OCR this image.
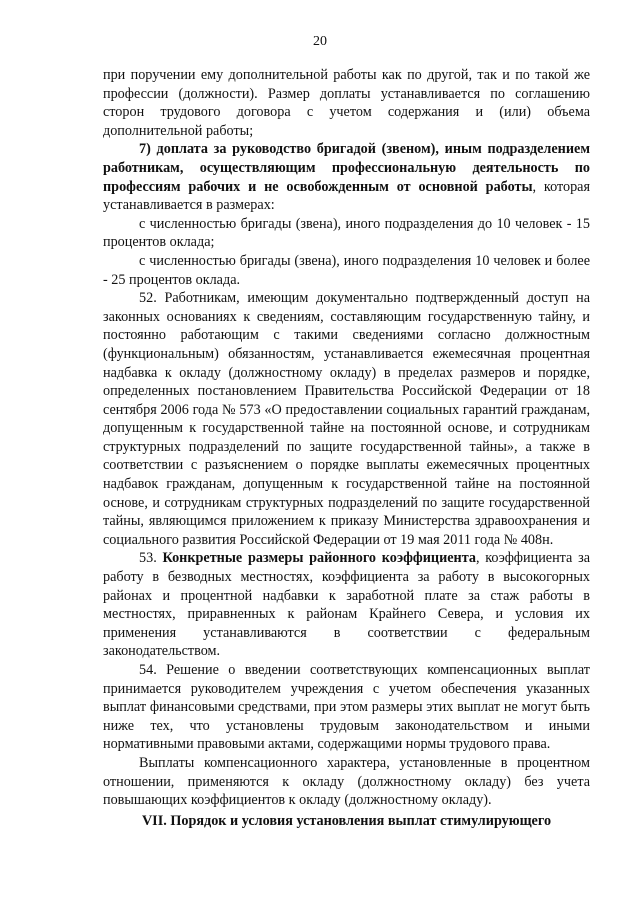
20

при поручении ему дополнительной работы как по другой, так и по такой же профессии (должности). Размер доплаты устанавливается по соглашению сторон трудового договора с учетом содержания и (или) объема дополнительной работы;

7) доплата за руководство бригадой (звеном), иным подразделением работникам, осуществляющим профессиональную деятельность по профессиям рабочих и не освобожденным от основной работы, которая устанавливается в размерах:

с численностью бригады (звена), иного подразделения до 10 человек - 15 процентов оклада;

с численностью бригады (звена), иного подразделения 10 человек и более - 25 процентов оклада.

52. Работникам, имеющим документально подтвержденный доступ на законных основаниях к сведениям, составляющим государственную тайну, и постоянно работающим с такими сведениями согласно должностным (функциональным) обязанностям, устанавливается ежемесячная процентная надбавка к окладу (должностному окладу) в пределах размеров и порядке, определенных постановлением Правительства Российской Федерации от 18 сентября 2006 года № 573 «О предоставлении социальных гарантий гражданам, допущенным к государственной тайне на постоянной основе, и сотрудникам структурных подразделений по защите государственной тайны», а также в соответствии с разъяснением о порядке выплаты ежемесячных процентных надбавок гражданам, допущенным к государственной тайне на постоянной основе, и сотрудникам структурных подразделений по защите государственной тайны, являющимся приложением к приказу Министерства здравоохранения и социального развития Российской Федерации от 19 мая 2011 года № 408н.

53. Конкретные размеры районного коэффициента, коэффициента за работу в безводных местностях, коэффициента за работу в высокогорных районах и процентной надбавки к заработной плате за стаж работы в местностях, приравненных к районам Крайнего Севера, и условия их применения устанавливаются в соответствии с федеральным законодательством.

54. Решение о введении соответствующих компенсационных выплат принимается руководителем учреждения с учетом обеспечения указанных выплат финансовыми средствами, при этом размеры этих выплат не могут быть ниже тех, что установлены трудовым законодательством и иными нормативными правовыми актами, содержащими нормы трудового права.

Выплаты компенсационного характера, установленные в процентном отношении, применяются к окладу (должностному окладу) без учета повышающих коэффициентов к окладу (должностному окладу).

VII. Порядок и условия установления выплат стимулирующего
